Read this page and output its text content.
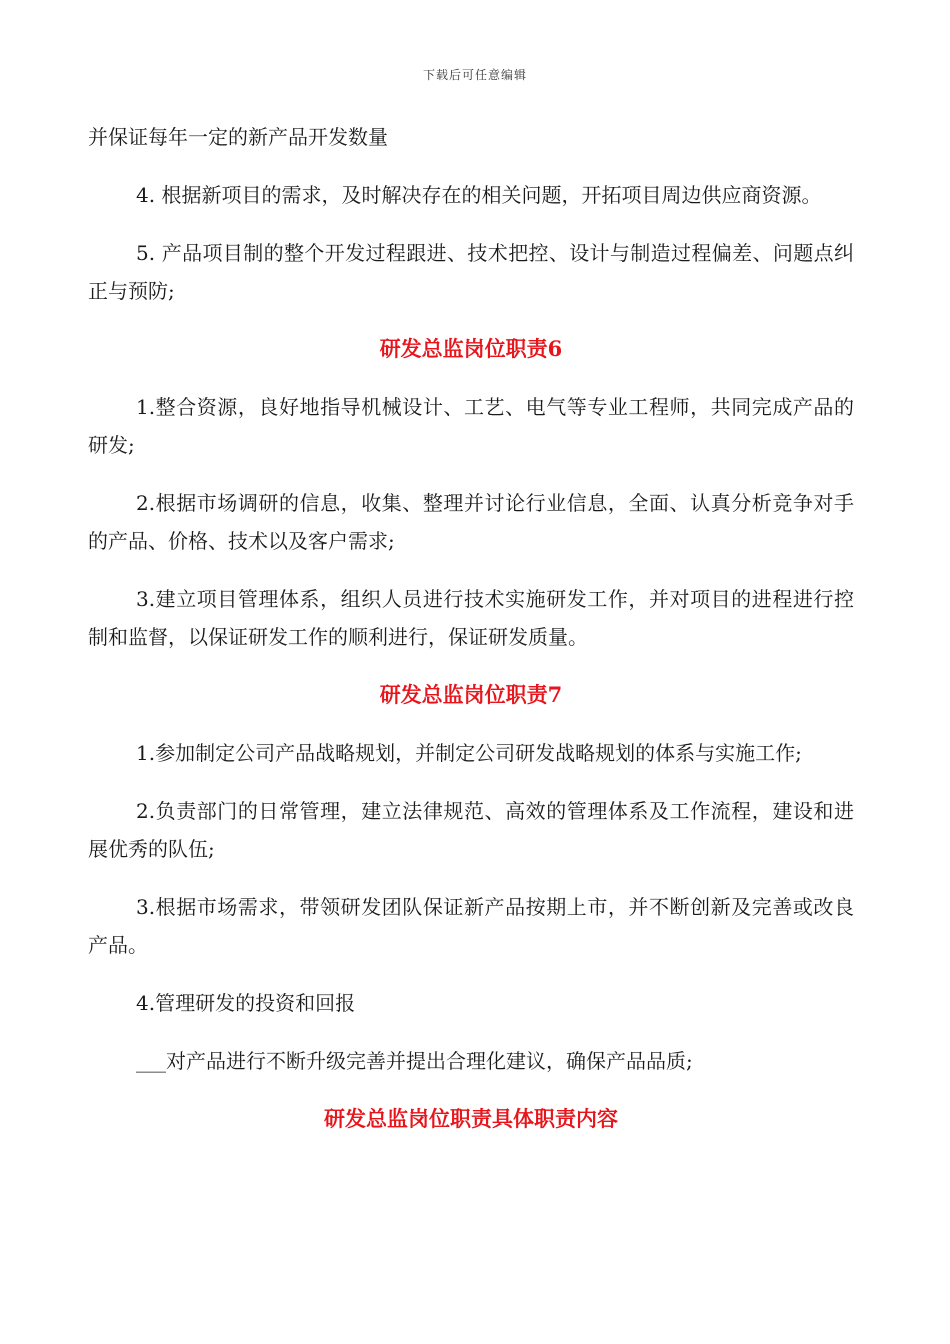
下载后可任意编辑

并保证每年一定的新产品开发数量

4. 根据新项目的需求，及时解决存在的相关问题，开拓项目周边供应商资源。

5. 产品项目制的整个开发过程跟进、技术把控、设计与制造过程偏差、问题点纠正与预防;

研发总监岗位职责6

1.整合资源，良好地指导机械设计、工艺、电气等专业工程师，共同完成产品的研发;

2.根据市场调研的信息，收集、整理并讨论行业信息，全面、认真分析竞争对手的产品、价格、技术以及客户需求;

3.建立项目管理体系，组织人员进行技术实施研发工作，并对项目的进程进行控制和监督，以保证研发工作的顺利进行，保证研发质量。

研发总监岗位职责7

1.参加制定公司产品战略规划，并制定公司研发战略规划的体系与实施工作;

2.负责部门的日常管理，建立法律规范、高效的管理体系及工作流程，建设和进展优秀的队伍;

3.根据市场需求，带领研发团队保证新产品按期上市，并不断创新及完善或改良产品。

4.管理研发的投资和回报

___对产品进行不断升级完善并提出合理化建议，确保产品品质;

研发总监岗位职责具体职责内容
